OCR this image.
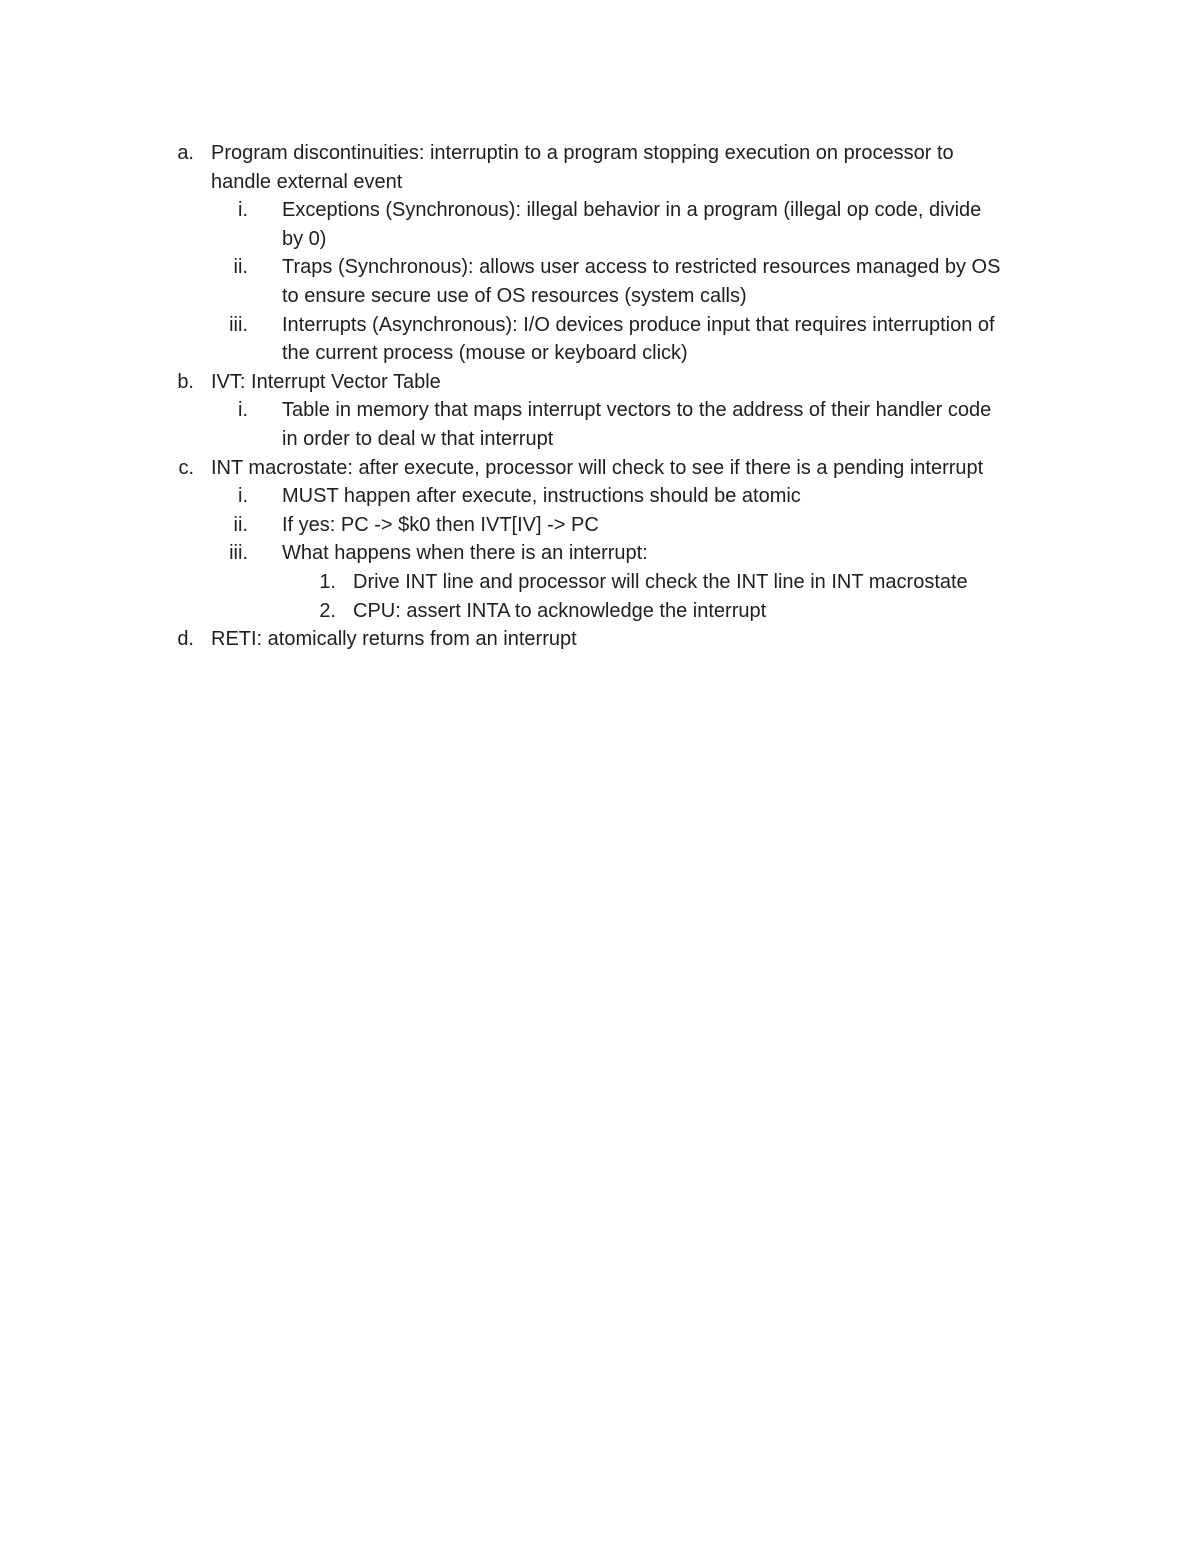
a. Program discontinuities: interruptin to a program stopping execution on processor to
handle external event
i. Exceptions (Synchronous): illegal behavior in a program (illegal op code, divide
by 0)
ii. Traps (Synchronous): allows user access to restricted resources managed by OS
to ensure secure use of OS resources (system calls)
iii. Interrupts (Asynchronous): I/O devices produce input that requires interruption of
the current process (mouse or keyboard click)
b. IVT: Interrupt Vector Table
i. Table in memory that maps interrupt vectors to the address of their handler code
in order to deal w that interrupt
c. INT macrostate: after execute, processor will check to see if there is a pending interrupt
i. MUST happen after execute, instructions should be atomic
ii. If yes: PC -> $k0 then IVT[IV] -> PC
iii. What happens when there is an interrupt:
1. Drive INT line and processor will check the INT line in INT macrostate
2. CPU: assert INTA to acknowledge the interrupt
d. RETI: atomically returns from an interrupt
